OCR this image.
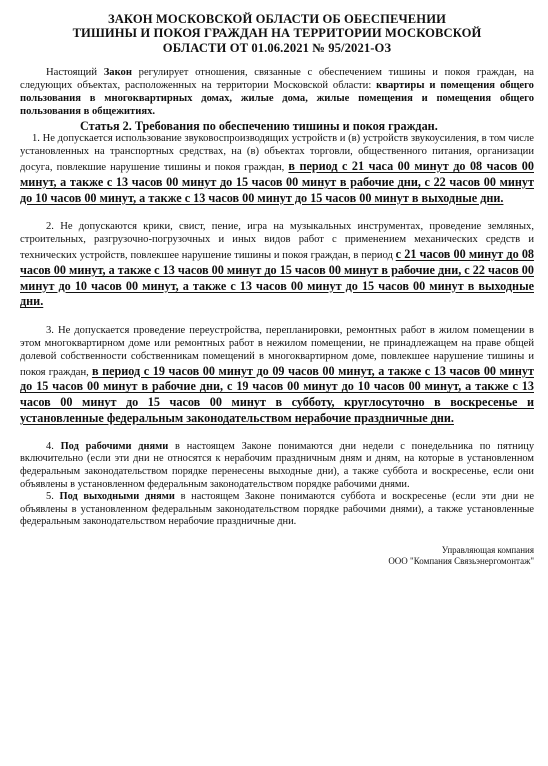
ЗАКОН МОСКОВСКОЙ ОБЛАСТИ ОБ ОБЕСПЕЧЕНИИ
ТИШИНЫ И ПОКОЯ ГРАЖДАН НА ТЕРРИТОРИИ МОСКОВСКОЙ
ОБЛАСТИ ОТ 01.06.2021 № 95/2021-ОЗ

Настоящий Закон регулирует отношения, связанные с обеспечением тишины и покоя граждан, на следующих объектах, расположенных на территории Московской области: квартиры и помещения общего пользования в многоквартирных домах, жилые дома, жилые помещения и помещения общего пользования в общежитиях.

Статья 2. Требования по обеспечению тишины и покоя граждан.

1. Не допускается использование звуковоспроизводящих устройств и (в) устройств звукоусиления, в том числе установленных на транспортных средствах, на (в) объектах торговли, общественного питания, организации досуга, повлекшие нарушение тишины и покоя граждан, в период с 21 часа 00 минут до 08 часов 00 минут, а также с 13 часов 00 минут до 15 часов 00 минут в рабочие дни, с 22 часов 00 минут до 10 часов 00 минут, а также с 13 часов 00 минут до 15 часов 00 минут в выходные дни.

2. Не допускаются крики, свист, пение, игра на музыкальных инструментах, проведение земляных, строительных, разгрузочно-погрузочных и иных видов работ с применением механических средств и технических устройств, повлекшее нарушение тишины и покоя граждан, в период с 21 часов 00 минут до 08 часов 00 минут, а также с 13 часов 00 минут до 15 часов 00 минут в рабочие дни, с 22 часов 00 минут до 10 часов 00 минут, а также с 13 часов 00 минут до 15 часов 00 минут в выходные дни.

3. Не допускается проведение переустройства, перепланировки, ремонтных работ в жилом помещении в этом многоквартирном доме или ремонтных работ в нежилом помещении, не принадлежащем на праве общей долевой собственности собственникам помещений в многоквартирном доме, повлекшее нарушение тишины и покоя граждан, в период с 19 часов 00 минут до 09 часов 00 минут, а также с 13 часов 00 минут до 15 часов 00 минут в рабочие дни, с 19 часов 00 минут до 10 часов 00 минут, а также с 13 часов 00 минут до 15 часов 00 минут в субботу, круглосуточно в воскресенье и установленные федеральным законодательством нерабочие праздничные дни.

4. Под рабочими днями в настоящем Законе понимаются дни недели с понедельника по пятницу включительно (если эти дни не относятся к нерабочим праздничным дням и дням, на которые в установленном федеральным законодательством порядке перенесены выходные дни), а также суббота и воскресенье, если они объявлены в установленном федеральным законодательством порядке рабочими днями.

5. Под выходными днями в настоящем Законе понимаются суббота и воскресенье (если эти дни не объявлены в установленном федеральным законодательством порядке рабочими днями), а также установленные федеральным законодательством нерабочие праздничные дни.

Управляющая компания
ООО "Компания Связьэнергомонтаж"
